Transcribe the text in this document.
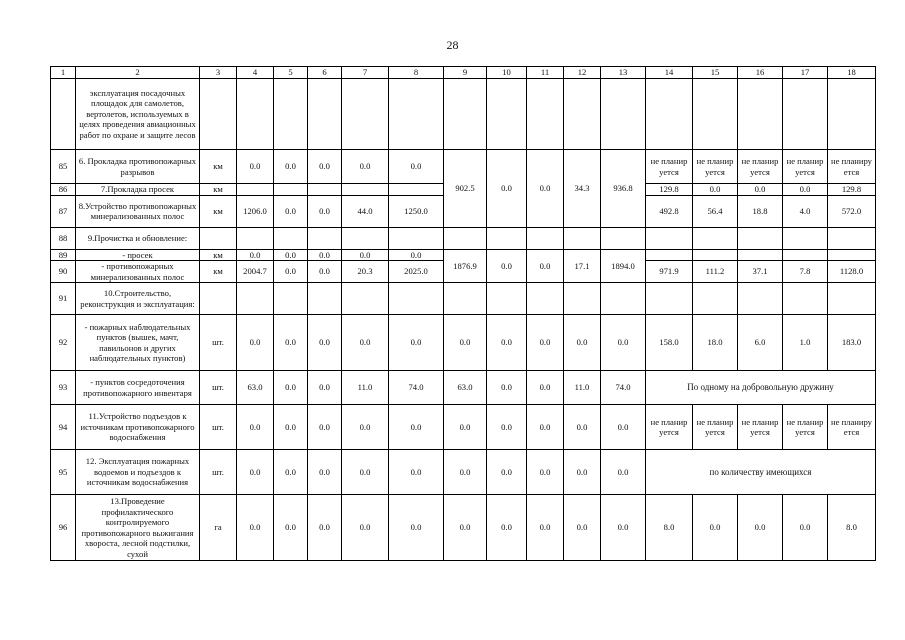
28
1	2	3	4	5	6	7	8	9	10	11	12	13	14	15	16	17	18
	эксплуатация посадочных площадок для самолетов, вертолетов, используемых в целях проведения авиационных работ по охране и защите лесов																
85	6. Прокладка противопожарных разрывов	км	0.0	0.0	0.0	0.0	0.0	902.5	0.0	0.0	34.3	936.8	не планир уется	не планир уется	не планир уется	не планир уется	не планиру ется
86	7.Прокладка просек	км											129.8	0.0	0.0	0.0	129.8
87	8.Устройство противопожарных минерализованных полос	км	1206.0	0.0	0.0	44.0	1250.0						492.8	56.4	18.8	4.0	572.0
88	9.Прочистка и обновление:																
89	- просек	км	0.0	0.0	0.0	0.0	0.0	1876.9	0.0	0.0	17.1	1894.0					
90	- противопожарных минерализованных полос	км	2004.7	0.0	0.0	20.3	2025.0						971.9	111.2	37.1	7.8	1128.0
91	10.Строительство, реконструкция и эксплуатация:																
92	- пожарных наблюдательных пунктов (вышек, мачт, павильонов и других наблюдательных пунктов)	шт.	0.0	0.0	0.0	0.0	0.0	0.0	0.0	0.0	0.0	0.0	158.0	18.0	6.0	1.0	183.0
93	- пунктов сосредоточения противопожарного инвентаря	шт.	63.0	0.0	0.0	11.0	74.0	63.0	0.0	0.0	11.0	74.0	По одному на добровольную дружину				
94	11.Устройство подъездов к источникам противопожарного водоснабжения	шт.	0.0	0.0	0.0	0.0	0.0	0.0	0.0	0.0	0.0	0.0	не планир уется	не планир уется	не планир уется	не планир уется	не планиру ется
95	12. Эксплуатация пожарных водоемов и подъездов к источникам водоснабжения	шт.	0.0	0.0	0.0	0.0	0.0	0.0	0.0	0.0	0.0	0.0	по количеству имеющихся				
96	13.Проведение профилактического контролируемого противопожарного выжигания хвороста, лесной подстилки, сухой	га	0.0	0.0	0.0	0.0	0.0	0.0	0.0	0.0	0.0	0.0	8.0	0.0	0.0	0.0	8.0
